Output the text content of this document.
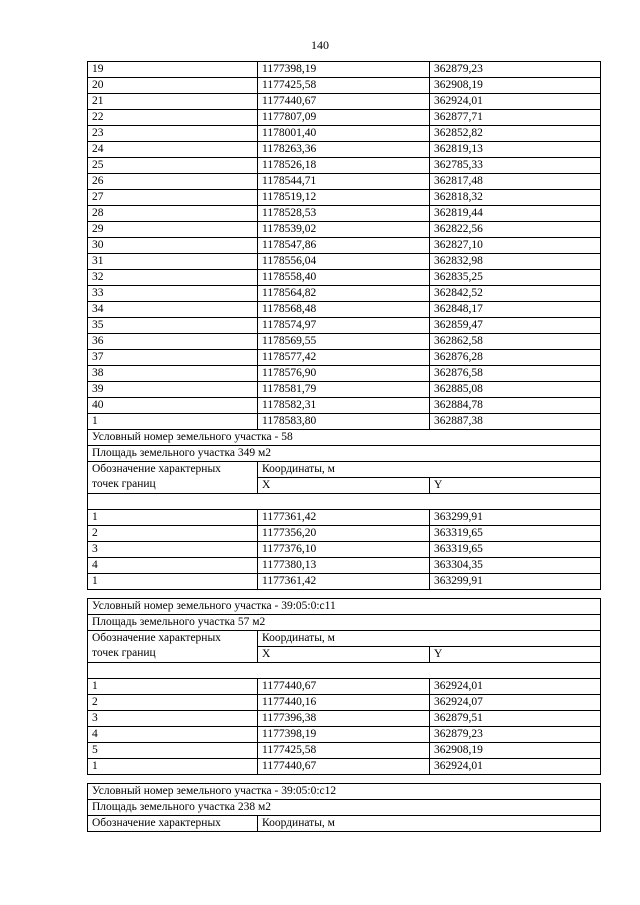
140
19	1177398,19	362879,23
20	1177425,58	362908,19
21	1177440,67	362924,01
22	1177807,09	362877,71
23	1178001,40	362852,82
24	1178263,36	362819,13
25	1178526,18	362785,33
26	1178544,71	362817,48
27	1178519,12	362818,32
28	1178528,53	362819,44
29	1178539,02	362822,56
30	1178547,86	362827,10
31	1178556,04	362832,98
32	1178558,40	362835,25
33	1178564,82	362842,52
34	1178568,48	362848,17
35	1178574,97	362859,47
36	1178569,55	362862,58
37	1178577,42	362876,28
38	1178576,90	362876,58
39	1178581,79	362885,08
40	1178582,31	362884,78
1	1178583,80	362887,38
Условный номер земельного участка - 58		
Площадь земельного участка 349 м2		

Обозначение характерных
точек границ	Координаты, м	
	X	Y

1	1177361,42	363299,91
2	1177356,20	363319,65
3	1177376,10	363319,65
4	1177380,13	363304,35
1	1177361,42	363299,91
Условный номер земельного участка - 39:05:0:с11		
Площадь земельного участка 57 м2		

Обозначение характерных
точек границ	Координаты, м	
	X	Y

1	1177440,67	362924,01
2	1177440,16	362924,07
3	1177396,38	362879,51
4	1177398,19	362879,23
5	1177425,58	362908,19
1	1177440,67	362924,01
Условный номер земельного участка - 39:05:0:с12
Площадь земельного участка 238 м2
Обозначение характерных	Координаты, м
